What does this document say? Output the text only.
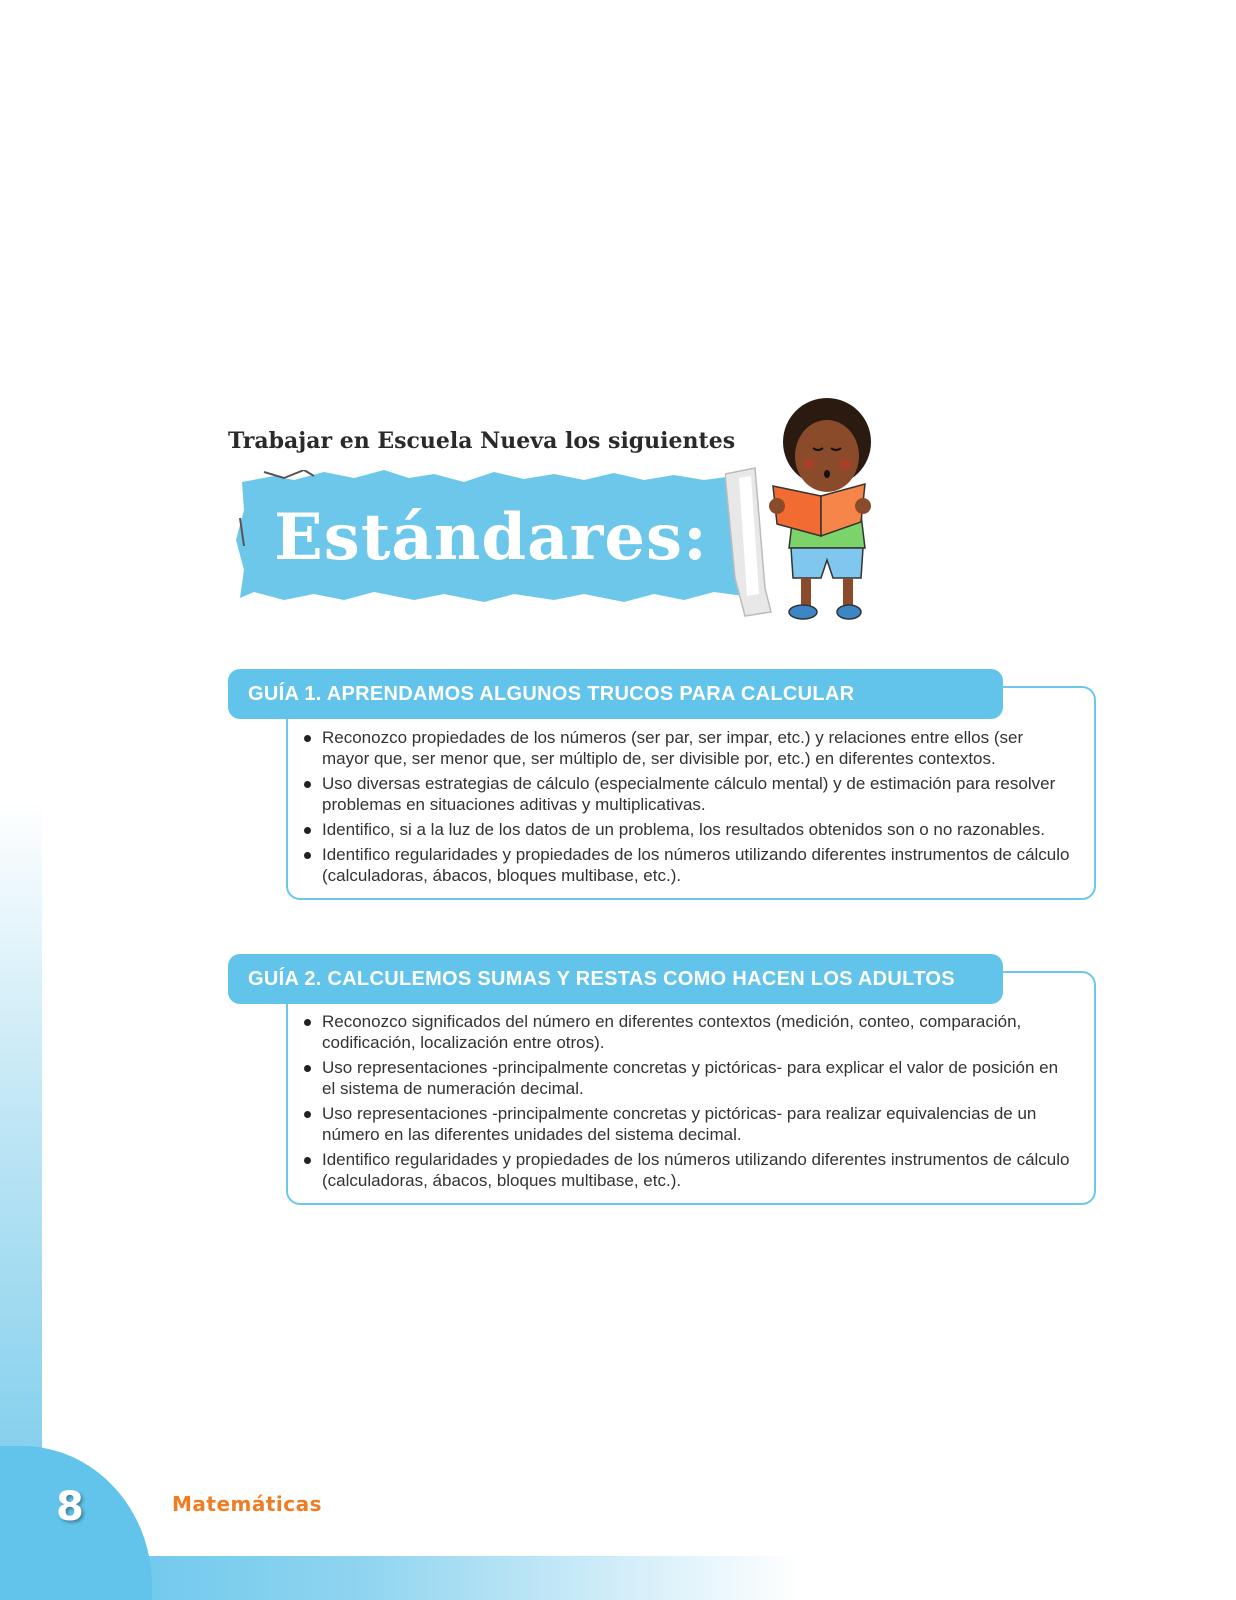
8	Matemáticas
Trabajar en Escuela Nueva los siguientes
Estándares:
GUÍA 1. APRENDAMOS ALGUNOS TRUCOS PARA CALCULAR
Reconozco propiedades de los números (ser par, ser impar, etc.) y relaciones entre ellos (ser mayor que, ser menor que, ser múltiplo de, ser divisible por, etc.) en diferentes contextos.
Uso diversas estrategias de cálculo (especialmente cálculo mental) y de estimación para resolver problemas en situaciones aditivas y multiplicativas.
Identifico, si a la luz de los datos de un problema, los resultados obtenidos son o no razonables.
Identifico regularidades y propiedades de los números utilizando diferentes instrumentos de cálculo (calculadoras, ábacos, bloques multibase, etc.).
GUÍA 2. CALCULEMOS SUMAS Y RESTAS COMO HACEN LOS ADULTOS
Reconozco significados del número en diferentes contextos (medición, conteo, comparación, codificación, localización entre otros).
Uso representaciones -principalmente concretas y pictóricas- para explicar el valor de posición en el sistema de numeración decimal.
Uso representaciones -principalmente concretas y pictóricas- para realizar equivalencias de un número en las diferentes unidades del sistema decimal.
Identifico regularidades y propiedades de los números utilizando diferentes instrumentos de cálculo (calculadoras, ábacos, bloques multibase, etc.).
